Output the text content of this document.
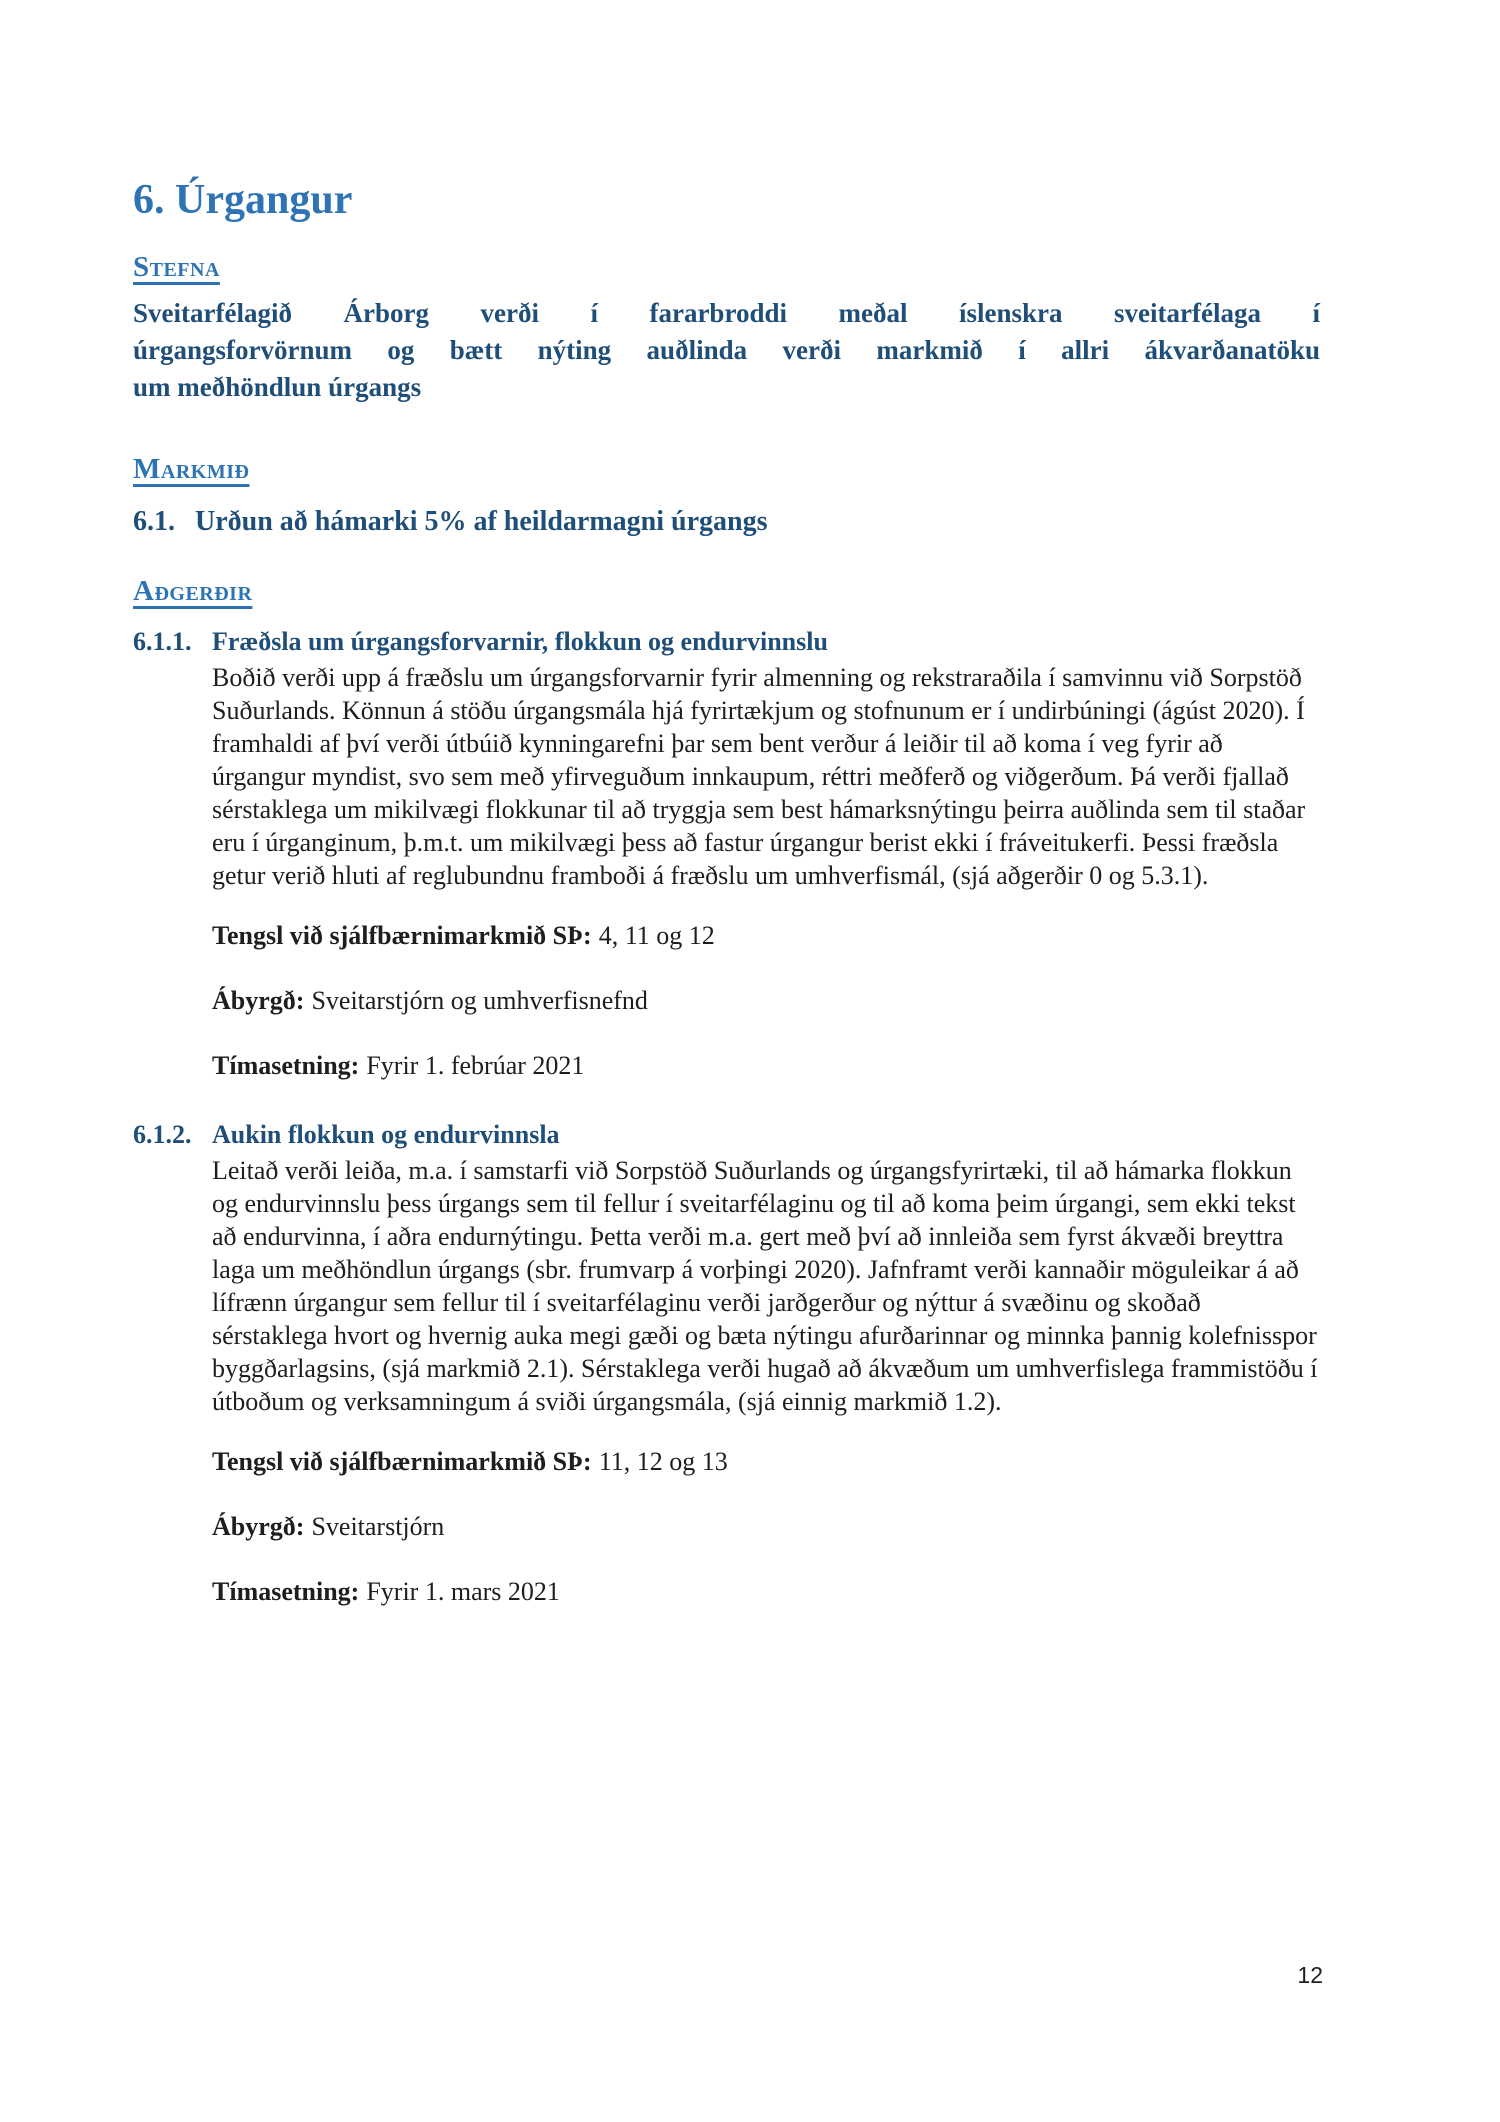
6. Úrgangur
Stefna
Sveitarfélagið Árborg verði í fararbroddi meðal íslenskra sveitarfélaga í
úrgangsforvörnum og bætt nýting auðlinda verði markmið í allri ákvarðanatöku
um meðhöndlun úrgangs
Markmið
6.1. Urðun að hámarki 5% af heildarmagni úrgangs
Aðgerðir
6.1.1. Fræðsla um úrgangsforvarnir, flokkun og endurvinnslu

Boðið verði upp á fræðslu um úrgangsforvarnir fyrir almenning og rekstraraðila í samvinnu við Sorpstöð Suðurlands. Könnun á stöðu úrgangsmála hjá fyrirtækjum og stofnunum er í undirbúningi (ágúst 2020). Í framhaldi af því verði útbúið kynningarefni þar sem bent verður á leiðir til að koma í veg fyrir að úrgangur myndist, svo sem með yfirveguðum innkaupum, réttri meðferð og viðgerðum. Þá verði fjallað sérstaklega um mikilvægi flokkunar til að tryggja sem best hámarksnýtingu þeirra auðlinda sem til staðar eru í úrganginum, þ.m.t. um mikilvægi þess að fastur úrgangur berist ekki í fráveitukerfi. Þessi fræðsla getur verið hluti af reglubundnu framboði á fræðslu um umhverfismál, (sjá aðgerðir 0 og 5.3.1).

Tengsl við sjálfbærnimarkmið SÞ: 4, 11 og 12
Ábyrgð: Sveitarstjórn og umhverfisnefnd
Tímasetning: Fyrir 1. febrúar 2021
6.1.2. Aukin flokkun og endurvinnsla

Leitað verði leiða, m.a. í samstarfi við Sorpstöð Suðurlands og úrgangsfyrirtæki, til að hámarka flokkun og endurvinnslu þess úrgangs sem til fellur í sveitarfélaginu og til að koma þeim úrgangi, sem ekki tekst að endurvinna, í aðra endurnýtingu. Þetta verði m.a. gert með því að innleiða sem fyrst ákvæði breyttra laga um meðhöndlun úrgangs (sbr. frumvarp á vorþingi 2020). Jafnframt verði kannaðir möguleikar á að lífrænn úrgangur sem fellur til í sveitarfélaginu verði jarðgerður og nýttur á svæðinu og skoðað sérstaklega hvort og hvernig auka megi gæði og bæta nýtingu afurðarinnar og minnka þannig kolefnisspor byggðarlagsins, (sjá markmið 2.1). Sérstaklega verði hugað að ákvæðum um umhverfislega frammistöðu í útboðum og verksamningum á sviði úrgangsmála, (sjá einnig markmið 1.2).

Tengsl við sjálfbærnimarkmið SÞ: 11, 12 og 13
Ábyrgð: Sveitarstjórn
Tímasetning: Fyrir 1. mars 2021
12
